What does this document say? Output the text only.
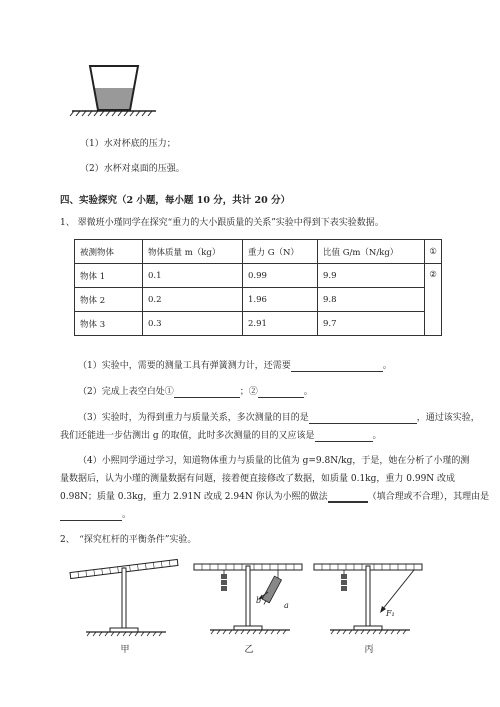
（1）水对杯底的压力；
（2）水杯对桌面的压强。
四、实验探究（2 小题，每小题 10 分，共计 20 分）
1、 翠微班小瑾同学在探究“重力的大小跟质量的关系”实验中得到下表实验数据。
被测物体	物体质量 m（kg）	重力 G（N）	比值 G/m（N/kg）	①
物体 1	0.1	0.99	9.9	②
物体 2	0.2	1.96	9.8	
物体 3	0.3	2.91	9.7	
（1）实验中，需要的测量工具有弹簧测力计，还需要	。
（2）完成上表空白处①	；②	。
（3）实验时，为得到重力与质量关系，多次测量的目的是	，通过该实验，
我们还能进一步估测出 g 的取值，此时多次测量的目的又应该是	。
（4）小熙同学通过学习，知道物体重力与质量的比值为 g=9.8N/kg，于是，她在分析了小瑾的测
量数据后，认为小瑾的测量数据有问题，接着便直接修改了数据，如质量 0.1kg，重力 0.99N 改成
0.98N；质量 0.3kg，重力 2.91N 改成 2.94N 你认为小熙的做法	（填合理或不合理），其理由是
。
2、　“探究杠杆的平衡条件”实验。
甲
b
a
乙
F₁
丙
